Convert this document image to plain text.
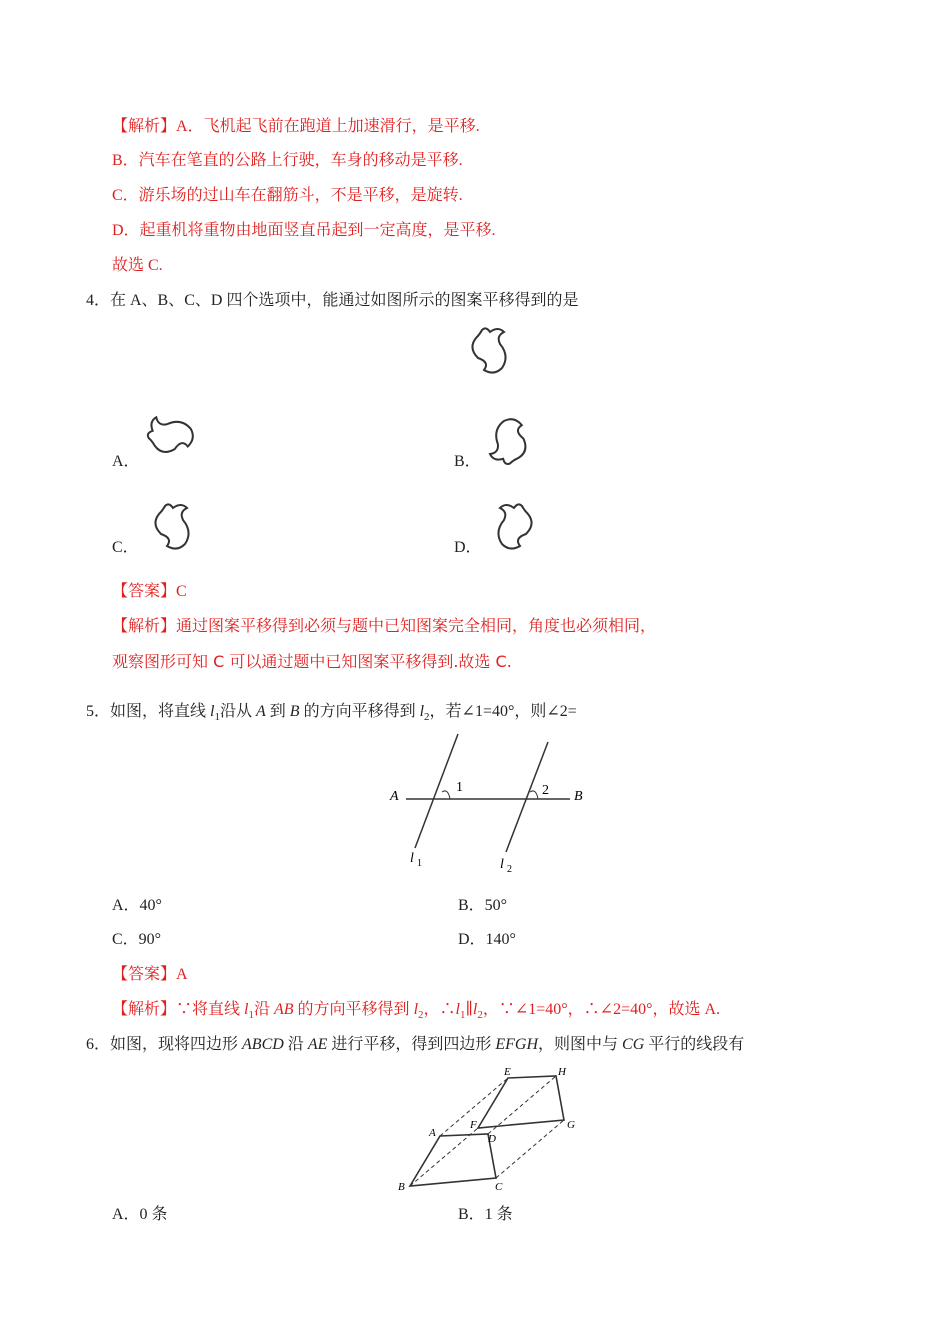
【解析】A．飞机起飞前在跑道上加速滑行，是平移.
B．汽车在笔直的公路上行驶，车身的移动是平移.
C．游乐场的过山车在翻筋斗，不是平移，是旋转.
D．起重机将重物由地面竖直吊起到一定高度，是平移.
故选 C.
4．在 A、B、C、D 四个选项中，能通过如图所示的图案平移得到的是
A．	B．
C．	D．
【答案】C
【解析】通过图案平移得到必须与题中已知图案完全相同，角度也必须相同，
观察图形可知 C 可以通过题中已知图案平移得到.故选 C.
5．如图，将直线 $l_1$沿从 A 到 B 的方向平移得到 $l_2$，若∠1=40°，则∠2=
A	B
1	2
l 1	l 2
A．40°	B．50°
C．90°	D．140°
【答案】A
【解析】∵将直线 $l_1$沿 AB 的方向平移得到 $l_2$，$\therefore l_1\parallel l_2$，∵∠1=40°，∴∠2=40°，故选 A.
6．如图，现将四边形 ABCD 沿 AE 进行平移，得到四边形 EFGH，则图中与 CG 平行的线段有
E	H
F
D
A
G
B	C
A．0 条	B．1 条
